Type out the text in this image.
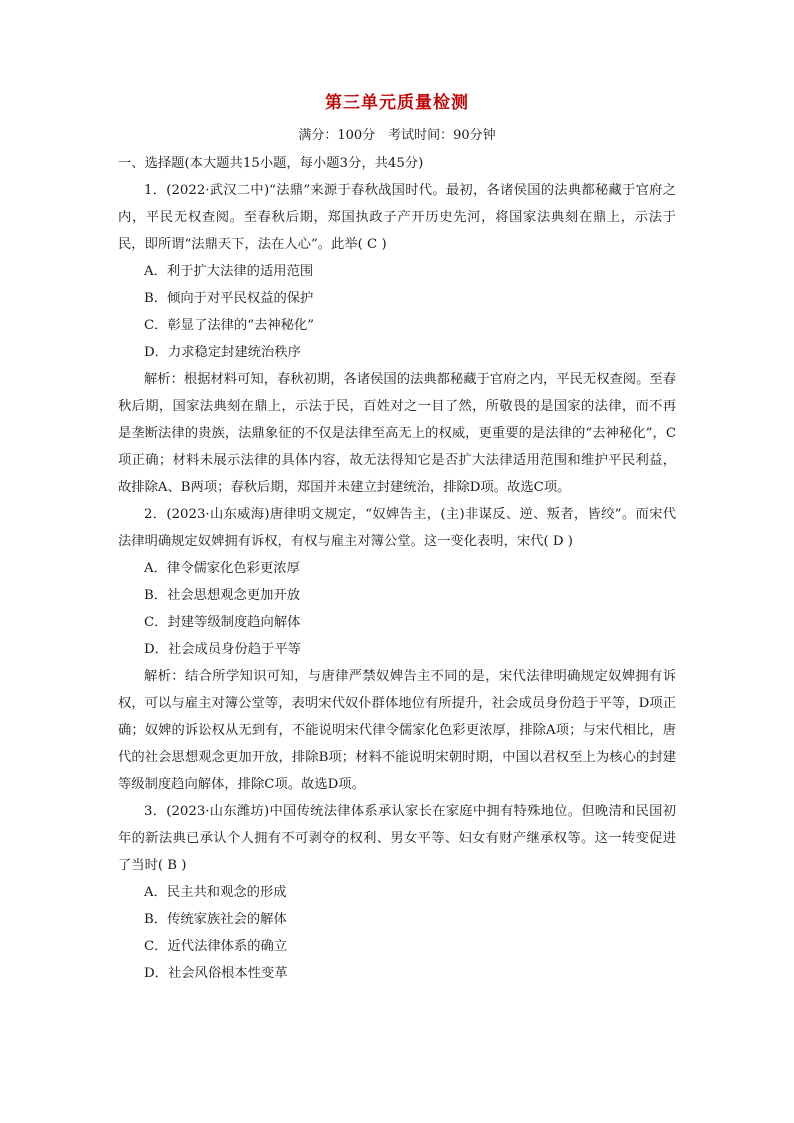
第三单元质量检测
满分：100分　考试时间：90分钟
一、选择题(本大题共15小题，每小题3分，共45分)

1．(2022·武汉二中)“法鼎”来源于春秋战国时代。最初，各诸侯国的法典都秘藏于官府之内，平民无权查阅。至春秋后期，郑国执政子产开历史先河，将国家法典刻在鼎上，示法于民，即所谓“法鼎天下，法在人心”。此举( C )

A．利于扩大法律的适用范围
B．倾向于对平民权益的保护
C．彰显了法律的“去神秘化”
D．力求稳定封建统治秩序

解析：根据材料可知，春秋初期，各诸侯国的法典都秘藏于官府之内，平民无权查阅。至春秋后期，国家法典刻在鼎上，示法于民，百姓对之一目了然，所敬畏的是国家的法律，而不再是垄断法律的贵族，法鼎象征的不仅是法律至高无上的权威，更重要的是法律的“去神秘化”，C项正确；材料未展示法律的具体内容，故无法得知它是否扩大法律适用范围和维护平民利益，故排除A、B两项；春秋后期，郑国并未建立封建统治，排除D项。故选C项。

2．(2023·山东威海)唐律明文规定，“奴婢告主，(主)非谋反、逆、叛者，皆绞”。而宋代法律明确规定奴婢拥有诉权，有权与雇主对簿公堂。这一变化表明，宋代( D )

A．律令儒家化色彩更浓厚
B．社会思想观念更加开放
C．封建等级制度趋向解体
D．社会成员身份趋于平等

解析：结合所学知识可知，与唐律严禁奴婢告主不同的是，宋代法律明确规定奴婢拥有诉权，可以与雇主对簿公堂等，表明宋代奴仆群体地位有所提升，社会成员身份趋于平等，D项正确；奴婢的诉讼权从无到有，不能说明宋代律令儒家化色彩更浓厚，排除A项；与宋代相比，唐代的社会思想观念更加开放，排除B项；材料不能说明宋朝时期，中国以君权至上为核心的封建等级制度趋向解体，排除C项。故选D项。

3．(2023·山东潍坊)中国传统法律体系承认家长在家庭中拥有特殊地位。但晚清和民国初年的新法典已承认个人拥有不可剥夺的权利、男女平等、妇女有财产继承权等。这一转变促进了当时( B )

A．民主共和观念的形成
B．传统家族社会的解体
C．近代法律体系的确立
D．社会风俗根本性变革
